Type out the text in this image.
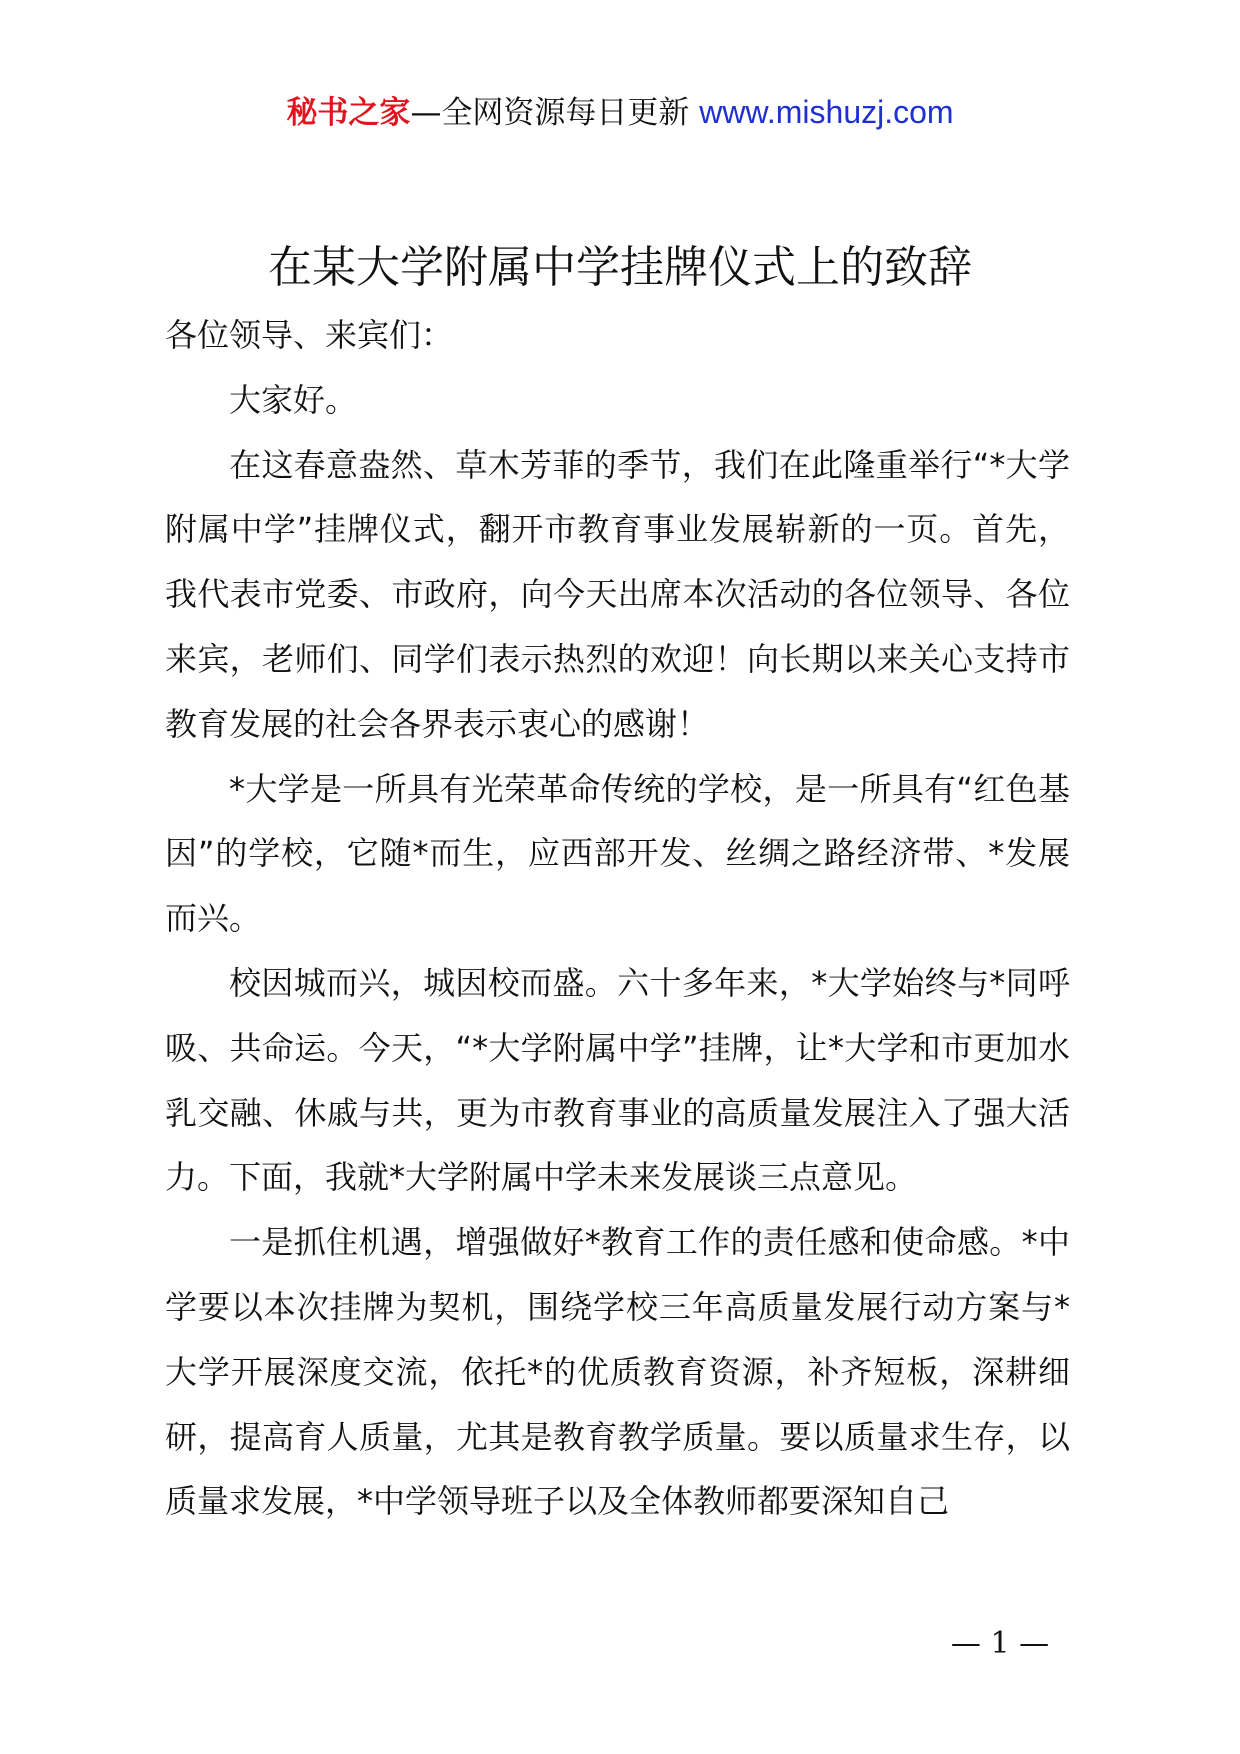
秘书之家—全网资源每日更新 www.mishuzj.com
在某大学附属中学挂牌仪式上的致辞

各位领导、来宾们：

大家好。

在这春意盎然、草木芳菲的季节，我们在此隆重举行“*大学附属中学”挂牌仪式，翻开市教育事业发展崭新的一页。首先，我代表市党委、市政府，向今天出席本次活动的各位领导、各位来宾，老师们、同学们表示热烈的欢迎！向长期以来关心支持市教育发展的社会各界表示衷心的感谢！

*大学是一所具有光荣革命传统的学校，是一所具有“红色基因”的学校，它随*而生，应西部开发、丝绸之路经济带、*发展而兴。

校因城而兴，城因校而盛。六十多年来，*大学始终与*同呼吸、共命运。今天，“*大学附属中学”挂牌，让*大学和市更加水乳交融、休戚与共，更为市教育事业的高质量发展注入了强大活力。下面，我就*大学附属中学未来发展谈三点意见。

一是抓住机遇，增强做好*教育工作的责任感和使命感。*中学要以本次挂牌为契机，围绕学校三年高质量发展行动方案与*大学开展深度交流，依托*的优质教育资源，补齐短板，深耕细研，提高育人质量，尤其是教育教学质量。要以质量求生存，以质量求发展，*中学领导班子以及全体教师都要深知自己

— 1 —
